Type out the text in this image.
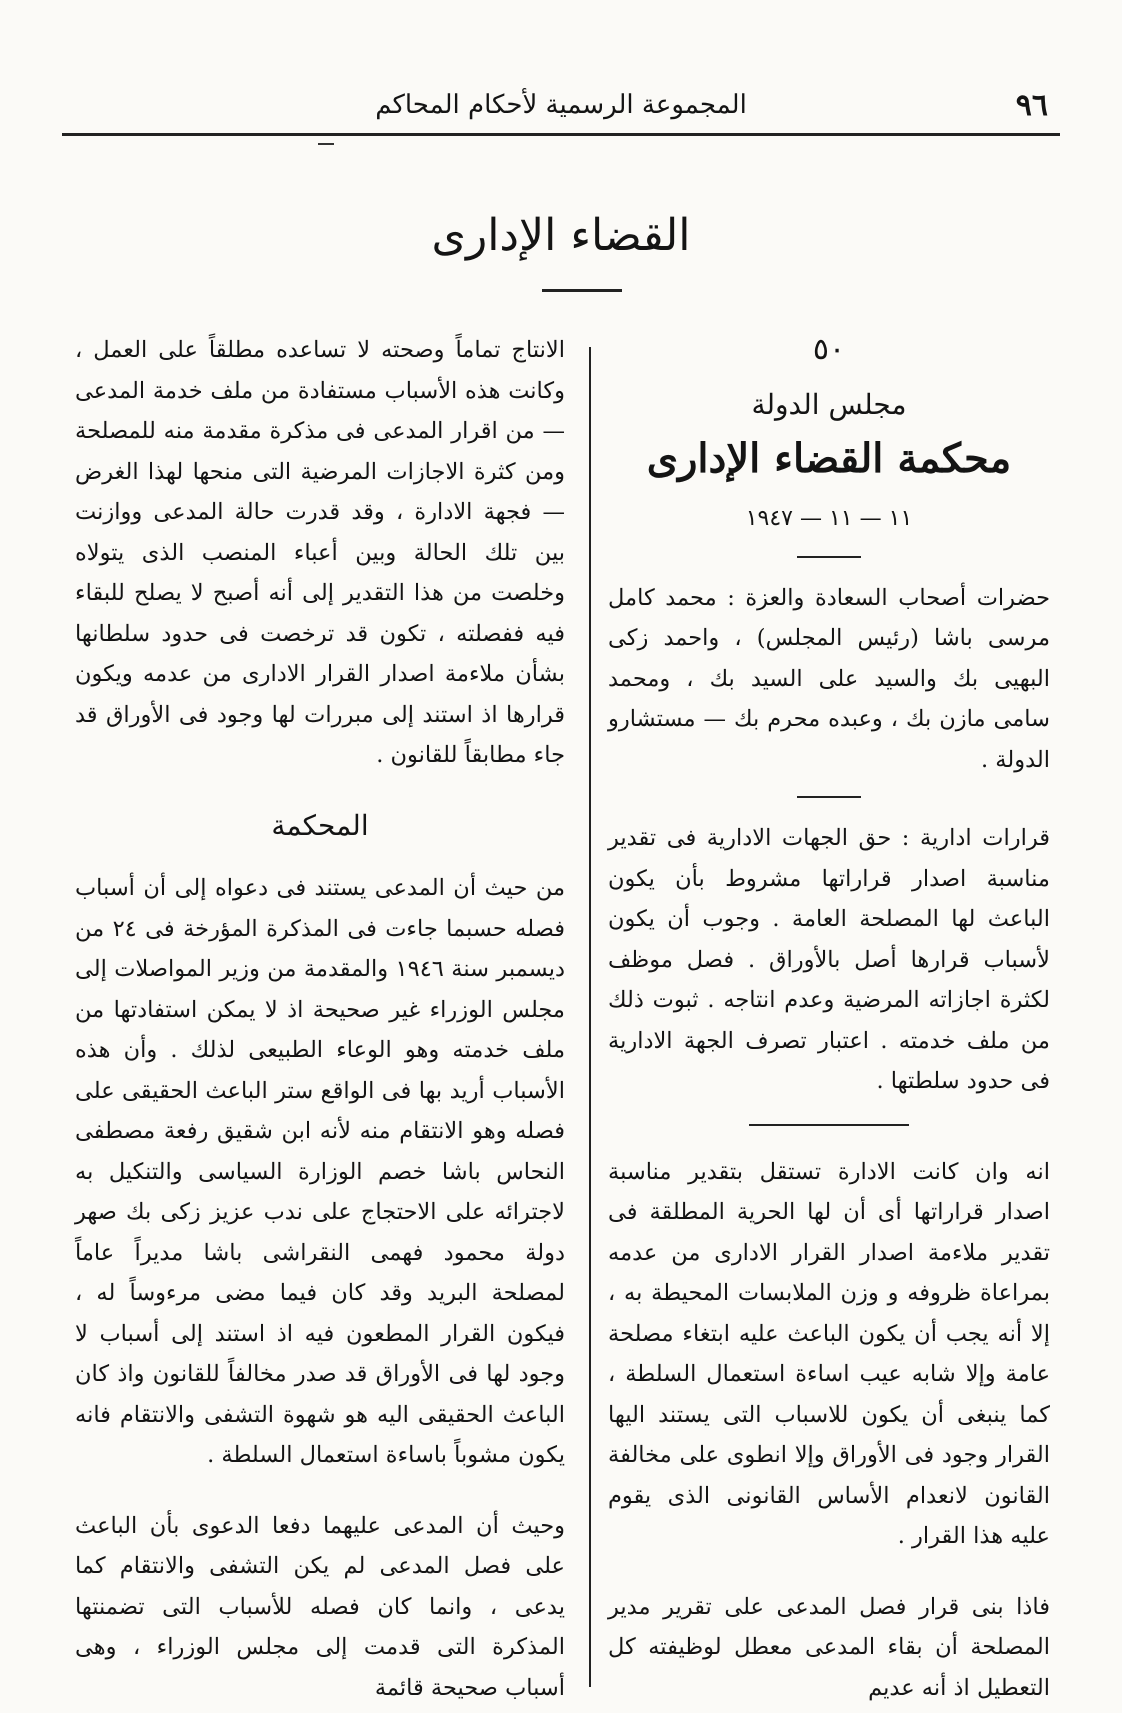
٩٦
المجموعة الرسمية لأحكام المحاكم
القضاء الإدارى
٥٠
مجلس الدولة
محكمة القضاء الإدارى
١١ — ١١ — ١٩٤٧

حضرات أصحاب السعادة والعزة : محمد كامل مرسى باشا (رئيس المجلس) ، واحمد زكى البهيى بك والسيد على السيد بك ، ومحمد سامى مازن بك ، وعبده محرم بك — مستشارو الدولة .

قرارات ادارية : حق الجهات الادارية فى تقدير مناسبة اصدار قراراتها مشروط بأن يكون الباعث لها المصلحة العامة . وجوب أن يكون لأسباب قرارها أصل بالأوراق . فصل موظف لكثرة اجازاته المرضية وعدم انتاجه . ثبوت ذلك من ملف خدمته . اعتبار تصرف الجهة الادارية فى حدود سلطتها .

انه وان كانت الادارة تستقل بتقدير مناسبة اصدار قراراتها أى أن لها الحرية المطلقة فى تقدير ملاءمة اصدار القرار الادارى من عدمه بمراعاة ظروفه و وزن الملابسات المحيطة به ، إلا أنه يجب أن يكون الباعث عليه ابتغاء مصلحة عامة وإلا شابه عيب اساءة استعمال السلطة ، كما ينبغى أن يكون للاسباب التى يستند اليها القرار وجود فى الأوراق وإلا انطوى على مخالفة القانون لانعدام الأساس القانونى الذى يقوم عليه هذا القرار .

فاذا بنى قرار فصل المدعى على تقرير مدير المصلحة أن بقاء المدعى معطل لوظيفته كل التعطيل اذ أنه عديم

الانتاج تماماً وصحته لا تساعده مطلقاً على العمل ، وكانت هذه الأسباب مستفادة من ملف خدمة المدعى — من اقرار المدعى فى مذكرة مقدمة منه للمصلحة ومن كثرة الاجازات المرضية التى منحها لهذا الغرض — فجهة الادارة ، وقد قدرت حالة المدعى ووازنت بين تلك الحالة وبين أعباء المنصب الذى يتولاه وخلصت من هذا التقدير إلى أنه أصبح لا يصلح للبقاء فيه ففصلته ، تكون قد ترخصت فى حدود سلطانها بشأن ملاءمة اصدار القرار الادارى من عدمه ويكون قرارها اذ استند إلى مبررات لها وجود فى الأوراق قد جاء مطابقاً للقانون .

المحكمة

من حيث أن المدعى يستند فى دعواه إلى أن أسباب فصله حسبما جاءت فى المذكرة المؤرخة فى ٢٤ من ديسمبر سنة ١٩٤٦ والمقدمة من وزير المواصلات إلى مجلس الوزراء غير صحيحة اذ لا يمكن استفادتها من ملف خدمته وهو الوعاء الطبيعى لذلك . وأن هذه الأسباب أريد بها فى الواقع ستر الباعث الحقيقى على فصله وهو الانتقام منه لأنه ابن شقيق رفعة مصطفى النحاس باشا خصم الوزارة السياسى والتنكيل به لاجترائه على الاحتجاج على ندب عزيز زكى بك صهر دولة محمود فهمى النقراشى باشا مديراً عاماً لمصلحة البريد وقد كان فيما مضى مرءوساً له ، فيكون القرار المطعون فيه اذ استند إلى أسباب لا وجود لها فى الأوراق قد صدر مخالفاً للقانون واذ كان الباعث الحقيقى اليه هو شهوة التشفى والانتقام فانه يكون مشوباً باساءة استعمال السلطة .

وحيث أن المدعى عليهما دفعا الدعوى بأن الباعث على فصل المدعى لم يكن التشفى والانتقام كما يدعى ، وانما كان فصله للأسباب التى تضمنتها المذكرة التى قدمت إلى مجلس الوزراء ، وهى أسباب صحيحة قائمة
